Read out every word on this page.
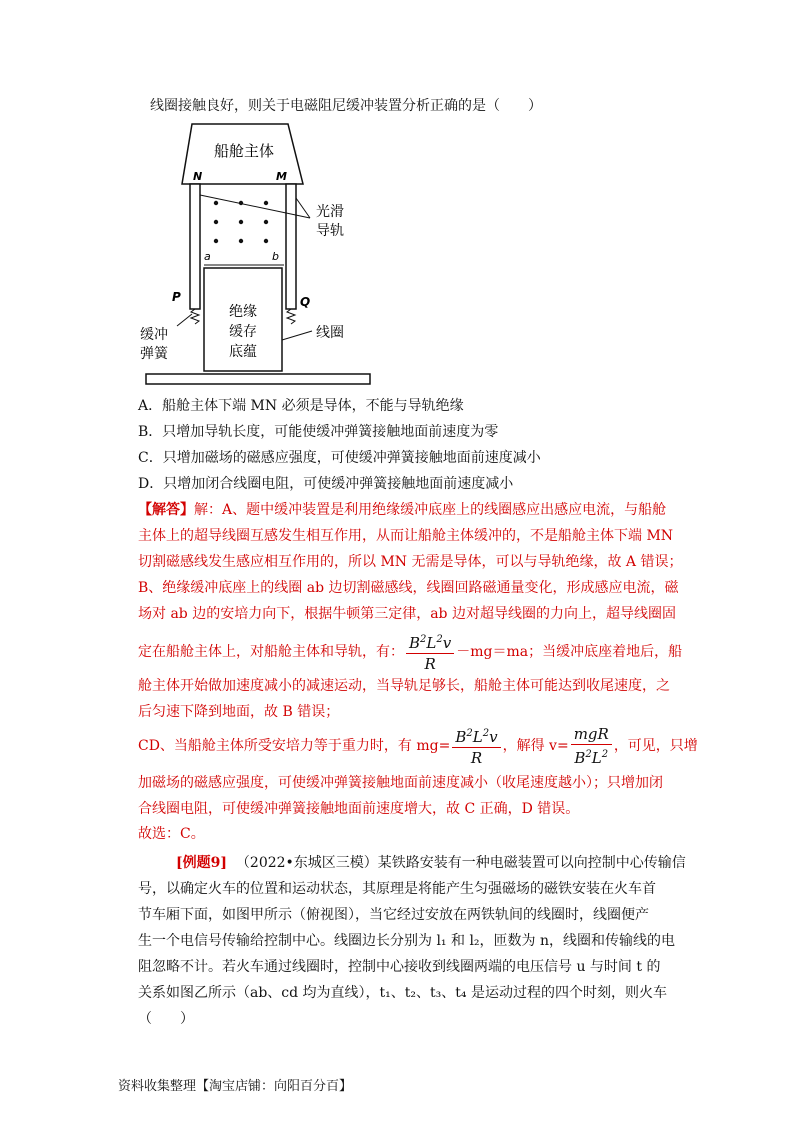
线圈接触良好，则关于电磁阻尼缓冲装置分析正确的是（　　）
船舱主体
N	M
a	b
光滑
导轨
绝缘
缓存
底蕴
P	Q
缓冲
弹簧
线圈
A．船舱主体下端 MN 必须是导体，不能与导轨绝缘
B．只增加导轨长度，可能使缓冲弹簧接触地面前速度为零
C．只增加磁场的磁感应强度，可使缓冲弹簧接触地面前速度减小
D．只增加闭合线圈电阻，可使缓冲弹簧接触地面前速度减小
【解答】解：A、题中缓冲装置是利用绝缘缓冲底座上的线圈感应出感应电流，与船舱
主体上的超导线圈互感发生相互作用，从而让船舱主体缓冲的，不是船舱主体下端 MN
切割磁感线发生感应相互作用的，所以 MN 无需是导体，可以与导轨绝缘，故 A 错误；
B、绝缘缓冲底座上的线圈 ab 边切割磁感线，线圈回路磁通量变化，形成感应电流，磁
场对 ab 边的安培力向下，根据牛顿第三定律，ab 边对超导线圈的力向上，超导线圈固
定在船舱主体上，对船舱主体和导轨，有： $\frac{B^2L^2v}{R} -mg=ma$；当缓冲底座着地后，船
舱主体开始做加速度减小的减速运动，当导轨足够长，船舱主体可能达到收尾速度，之
后匀速下降到地面，故 B 错误；
CD、当船舱主体所受安培力等于重力时，有 $mg= \frac{B^2L^2v}{R}$ ，解得 $v= \frac{\text{mgR}}{B^2L^2}$ ，可见，只增
加磁场的磁感应强度，可使缓冲弹簧接触地面前速度减小（收尾速度越小）；只增加闭
合线圈电阻，可使缓冲弹簧接触地面前速度增大，故 C 正确，D 错误。
故选：C。
[例题9] （2022•东城区三模）某铁路安装有一种电磁装置可以向控制中心传输信
号，以确定火车的位置和运动状态，其原理是将能产生匀强磁场的磁铁安装在火车首
节车厢下面，如图甲所示（俯视图），当它经过安放在两铁轨间的线圈时，线圈便产
生一个电信号传输给控制中心。线圈边长分别为 l₁ 和 l₂，匝数为 n，线圈和传输线的电
阻忽略不计。若火车通过线圈时，控制中心接收到线圈两端的电压信号 u 与时间 t 的
关系如图乙所示（ab、cd 均为直线），t₁、t₂、t₃、t₄ 是运动过程的四个时刻，则火车
（　　）
资料收集整理【淘宝店铺：向阳百分百】
